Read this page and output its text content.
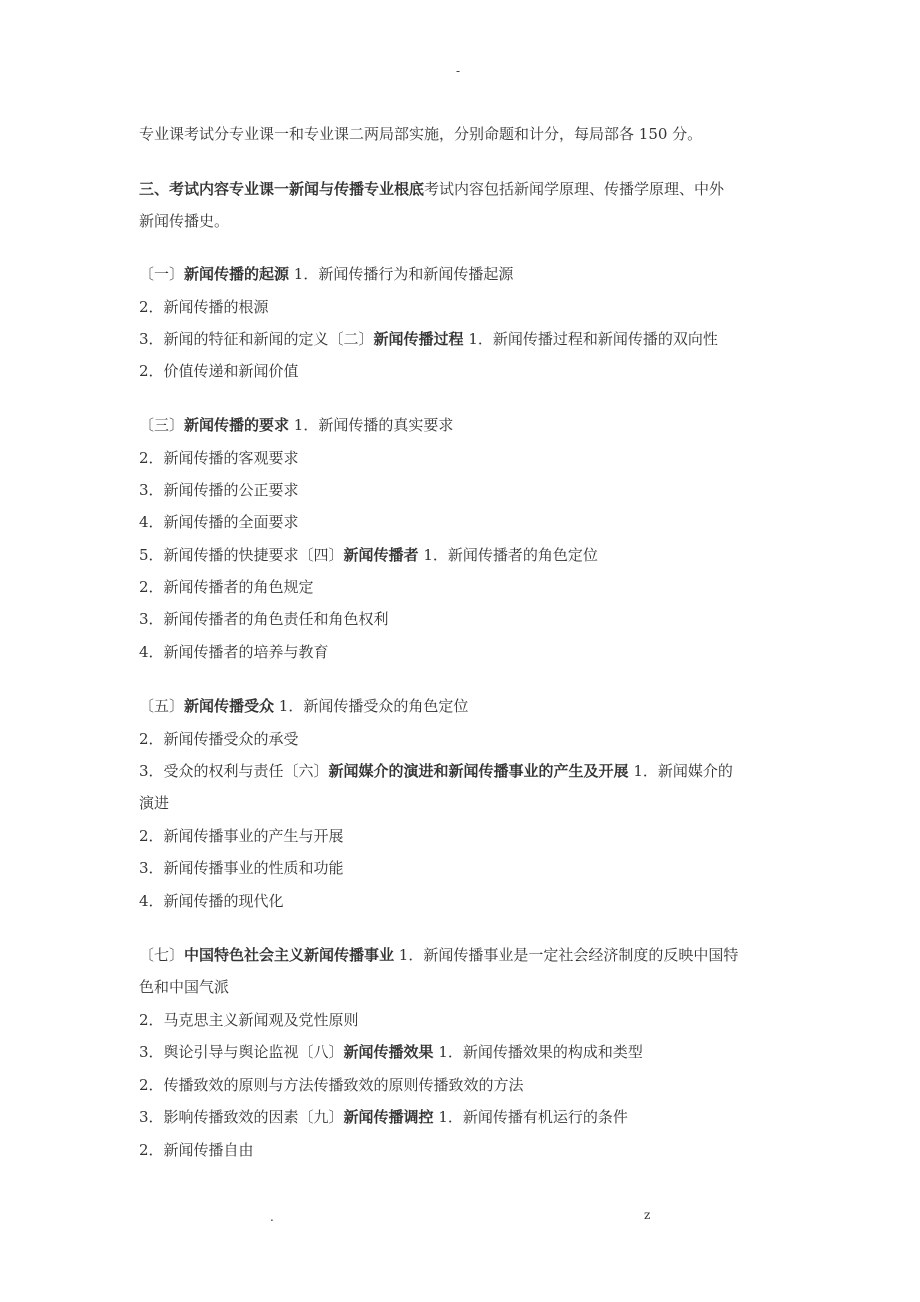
-
专业课考试分专业课一和专业课二两局部实施，分别命题和计分，每局部各 150 分。
三、考试内容专业课一新闻与传播专业根底考试内容包括新闻学原理、传播学原理、中外
新闻传播史。
〔一〕新闻传播的起源 1．新闻传播行为和新闻传播起源
2．新闻传播的根源
3．新闻的特征和新闻的定义〔二〕新闻传播过程 1．新闻传播过程和新闻传播的双向性
2．价值传递和新闻价值
〔三〕新闻传播的要求 1．新闻传播的真实要求
2．新闻传播的客观要求
3．新闻传播的公正要求
4．新闻传播的全面要求
5．新闻传播的快捷要求〔四〕新闻传播者 1．新闻传播者的角色定位
2．新闻传播者的角色规定
3．新闻传播者的角色责任和角色权利
4．新闻传播者的培养与教育
〔五〕新闻传播受众 1．新闻传播受众的角色定位
2．新闻传播受众的承受
3．受众的权利与责任〔六〕新闻媒介的演进和新闻传播事业的产生及开展 1．新闻媒介的
演进
2．新闻传播事业的产生与开展
3．新闻传播事业的性质和功能
4．新闻传播的现代化
〔七〕中国特色社会主义新闻传播事业 1．新闻传播事业是一定社会经济制度的反映中国特
色和中国气派
2．马克思主义新闻观及党性原则
3．舆论引导与舆论监视〔八〕新闻传播效果 1．新闻传播效果的构成和类型
2．传播致效的原则与方法传播致效的原则传播致效的方法
3．影响传播致效的因素〔九〕新闻传播调控 1．新闻传播有机运行的条件
2．新闻传播自由
.	z
